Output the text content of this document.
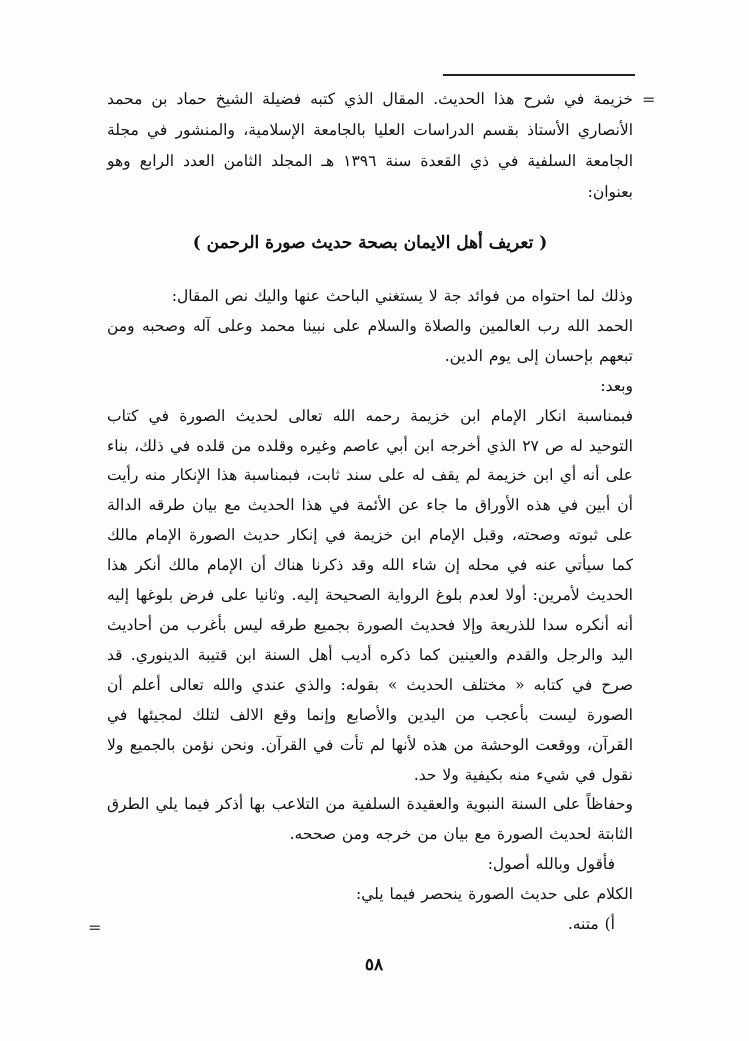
=

خزيمة في شرح هذا الحديث. المقال الذي كتبه فضيلة الشيخ حماد بن محمد الأنصاري الأستاذ بقسم الدراسات العليا بالجامعة الإسلامية، والمنشور في مجلة الجامعة السلفية في ذي القعدة سنة ١٣٩٦ هـ المجلد الثامن العدد الرابع وهو بعنوان:

( تعريف أهل الايمان بصحة حديث صورة الرحمن )

وذلك لما احتواه من فوائد جة لا يستغني الباحث عنها واليك نص المقال:

الحمد الله رب العالمين والصلاة والسلام على نبينا محمد وعلى آله وصحبه ومن تبعهم بإحسان إلى يوم الدين.

وبعد:

فبمناسبة انكار الإمام ابن خزيمة رحمه الله تعالى لحديث الصورة في كتاب التوحيد له ص ٢٧ الذي أخرجه ابن أبي عاصم وغيره وقلده من قلده في ذلك، بناء على أنه أي ابن خزيمة لم يقف له على سند ثابت، فبمناسبة هذا الإنكار منه رأيت أن أبين في هذه الأوراق ما جاء عن الأئمة في هذا الحديث مع بيان طرقه الدالة على ثبوته وصحته، وقبل الإمام ابن خزيمة في إنكار حديث الصورة الإمام مالك كما سيأتي عنه في محله إن شاء الله وقد ذكرنا هناك أن الإمام مالك أنكر هذا الحديث لأمرين: أولا لعدم بلوغ الرواية الصحيحة إليه. وثانيا على فرض بلوغها إليه أنه أنكره سدا للذريعة وإلا فحديث الصورة بجميع طرقه ليس بأغرب من أحاديث اليد والرجل والقدم والعينين كما ذكره أديب أهل السنة ابن قتيبة الدينوري. قد صرح في كتابه « مختلف الحديث » بقوله: والذي عندي والله تعالى أعلم أن الصورة ليست بأعجب من اليدين والأصابع وإنما وقع الالف لتلك لمجيئها في القرآن، ووقعت الوحشة من هذه لأنها لم تأت في القرآن. ونحن نؤمن بالجميع ولا نقول في شيء منه بكيفية ولا حد.

وحفاظاً على السنة النبوية والعقيدة السلفية من التلاعب بها أذكر فيما يلي الطرق الثابتة لحديث الصورة مع بيان من خرجه ومن صححه.

فأقول وبالله أصول:

الكلام على حديث الصورة ينحصر فيما يلي:

أ) متنه.

=
٥٨
